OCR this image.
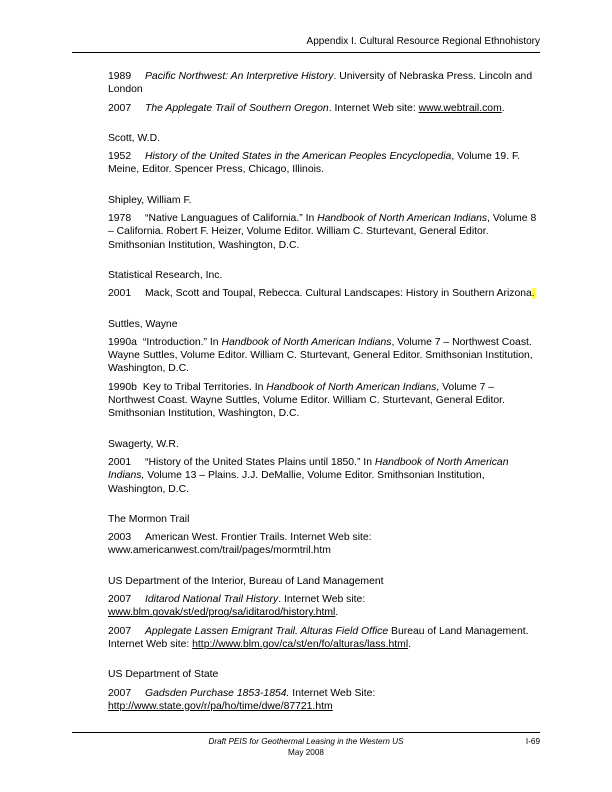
Appendix I. Cultural Resource Regional Ethnohistory
1989 Pacific Northwest: An Interpretive History. University of Nebraska Press. Lincoln and London
2007 The Applegate Trail of Southern Oregon. Internet Web site: www.webtrail.com.
Scott, W.D.
1952 History of the United States in the American Peoples Encyclopedia, Volume 19. F. Meine, Editor. Spencer Press, Chicago, Illinois.
Shipley, William F.
1978 “Native Languagues of California.” In Handbook of North American Indians, Volume 8 – California. Robert F. Heizer, Volume Editor. William C. Sturtevant, General Editor. Smithsonian Institution, Washington, D.C.
Statistical Research, Inc.
2001 Mack, Scott and Toupal, Rebecca. Cultural Landscapes: History in Southern Arizona.
Suttles, Wayne
1990a “Introduction.” In Handbook of North American Indians, Volume 7 – Northwest Coast. Wayne Suttles, Volume Editor. William C. Sturtevant, General Editor. Smithsonian Institution, Washington, D.C.
1990b Key to Tribal Territories. In Handbook of North American Indians, Volume 7 – Northwest Coast. Wayne Suttles, Volume Editor. William C. Sturtevant, General Editor. Smithsonian Institution, Washington, D.C.
Swagerty, W.R.
2001 “History of the United States Plains until 1850.” In Handbook of North American Indians, Volume 13 – Plains. J.J. DeMallie, Volume Editor. Smithsonian Institution, Washington, D.C.
The Mormon Trail
2003 American West. Frontier Trails. Internet Web site: www.americanwest.com/trail/pages/mormtril.htm
US Department of the Interior, Bureau of Land Management
2007 Iditarod National Trail History. Internet Web site: www.blm.govak/st/ed/prog/sa/iditarod/history.html.
2007 Applegate Lassen Emigrant Trail. Alturas Field Office Bureau of Land Management. Internet Web site: http://www.blm.gov/ca/st/en/fo/alturas/lass.html.
US Department of State
2007 Gadsden Purchase 1853-1854. Internet Web Site: http://www.state.gov/r/pa/ho/time/dwe/87721.htm
Draft PEIS for Geothermal Leasing in the Western US	I-69
May 2008
